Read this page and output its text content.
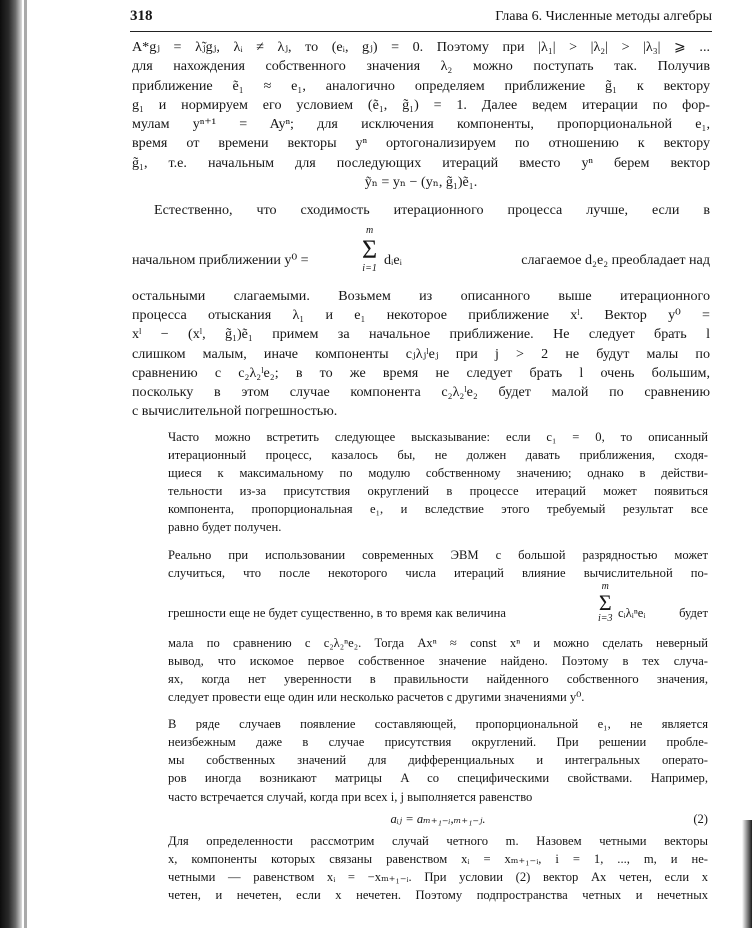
318	Глава 6. Численные методы алгебры
A*gⱼ = λ̃ⱼgⱼ, λᵢ ≠ λⱼ, то (eᵢ, gⱼ) = 0. Поэтому при |λ₁| > |λ₂| > |λ₃| ⩾ ...
для нахождения собственного значения λ₂ можно поступать так. Получив
приближение ẽ₁ ≈ e₁, аналогично определяем приближение g̃₁ к вектору
g₁ и нормируем его условием (ẽ₁, g̃₁) = 1. Далее ведем итерации по фор-
мулам yⁿ⁺¹ = Ayⁿ; для исключения компоненты, пропорциональной e₁,
время от времени векторы yⁿ ортогонализируем по отношению к вектору
g̃₁, т.е. начальным для последующих итераций вместо yⁿ берем вектор
ỹₙ = yₙ − (yₙ, g̃₁)ẽ₁.
Естественно, что сходимость итерационного процесса лучше, если в
начальном приближении y⁰ =
m
Σ
i=1
dᵢeᵢ	слагаемое d₂e₂ преобладает над
остальными слагаемыми. Возьмем из описанного выше итерационного
процесса отыскания λ₁ и e₁ некоторое приближение xˡ. Вектор y⁰ =
xˡ − (xˡ, g̃₁)ẽ₁ примем за начальное приближение. Не следует брать l
слишком малым, иначе компоненты cⱼλⱼˡeⱼ при j > 2 не будут малы по
сравнению с c₂λ₂ˡe₂; в то же время не следует брать l очень большим,
поскольку в этом случае компонента c₂λ₂ˡe₂ будет малой по сравнению
с вычислительной погрешностью.
Часто можно встретить следующее высказывание: если c₁ = 0, то описанный
итерационный процесс, казалось бы, не должен давать приближения, сходя-
щиеся к максимальному по модулю собственному значению; однако в действи-
тельности из-за присутствия округлений в процессе итераций может появиться
компонента, пропорциональная e₁, и вследствие этого требуемый результат все
равно будет получен.
Реально при использовании современных ЭВМ с большой разрядностью может
случиться, что после некоторого числа итераций влияние вычислительной по-
грешности еще не будет существенно, в то время как величина
m
Σ
i=3 cᵢλᵢⁿeᵢ	будет
мала по сравнению с c₂λ₂ⁿe₂. Тогда Axⁿ ≈ const xⁿ и можно сделать неверный
вывод, что искомое первое собственное значение найдено. Поэтому в тех случа-
ях, когда нет уверенности в правильности найденного собственного значения,
следует провести еще один или несколько расчетов с другими значениями y⁰.
В ряде случаев появление составляющей, пропорциональной e₁, не является
неизбежным даже в случае присутствия округлений. При решении пробле-
мы собственных значений для дифференциальных и интегральных операто-
ров иногда возникают матрицы A со специфическими свойствами. Например,
часто встречается случай, когда при всех i, j выполняется равенство
aᵢⱼ = aₘ₊₁₋ᵢ,ₘ₊₁₋ⱼ.	(2)
Для определенности рассмотрим случай четного m. Назовем четными векторы
x, компоненты которых связаны равенством xᵢ = xₘ₊₁₋ᵢ, i = 1, ..., m, и не-
четными — равенством xᵢ = −xₘ₊₁₋ᵢ. При условии (2) вектор Ax четен, если x
четен, и нечетен, если x нечетен. Поэтому подпространства четных и нечетных
